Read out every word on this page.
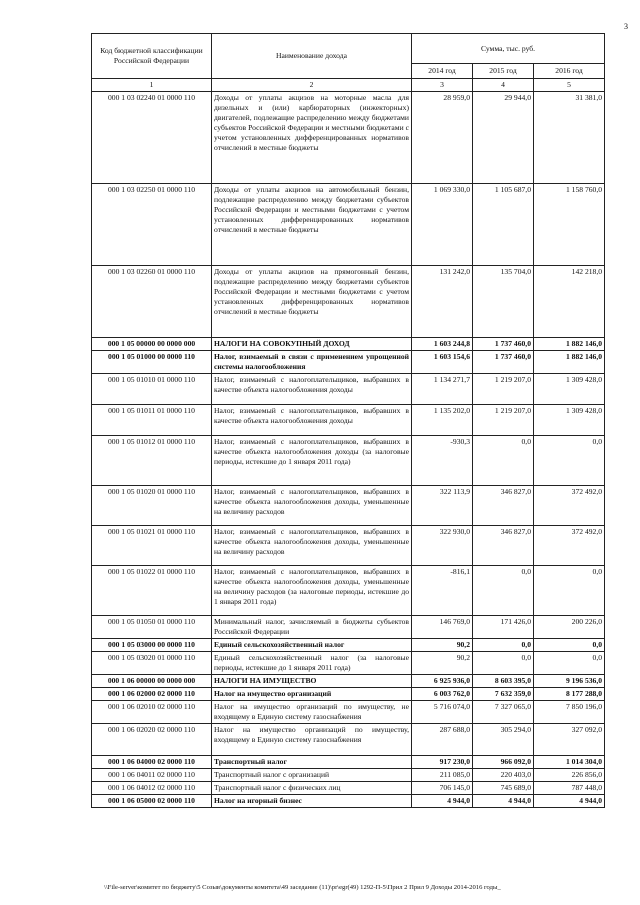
3
Код бюджетной классификации Российской Федерации	Наименование дохода	Сумма, тыс. руб.		
		2014 год	2015 год	2016 год
1	2	3	4	5
000 1 03 02240 01 0000 110	Доходы от уплаты акцизов на моторные масла для дизельных и (или) карбюраторных (инжекторных) двигателей, подлежащие распределению между бюджетами субъектов Российской Федерации и местными бюджетами с учетом установленных дифференцированных нормативов отчислений в местные бюджеты	28 959,0	29 944,0	31 381,0
000 1 03 02250 01 0000 110	Доходы от уплаты акцизов на автомобильный бензин, подлежащие распределению между бюджетами субъектов Российской Федерации и местными бюджетами с учетом установленных дифференцированных нормативов отчислений в местные бюджеты	1 069 330,0	1 105 687,0	1 158 760,0
000 1 03 02260 01 0000 110	Доходы от уплаты акцизов на прямогонный бензин, подлежащие распределению между бюджетами субъектов Российской Федерации и местными бюджетами с учетом установленных дифференцированных нормативов отчислений в местные бюджеты	131 242,0	135 704,0	142 218,0
000 1 05 00000 00 0000 000	НАЛОГИ НА СОВОКУПНЫЙ ДОХОД	1 603 244,8	1 737 460,0	1 882 146,0
000 1 05 01000 00 0000 110	Налог, взимаемый в связи с применением упрощенной системы налогообложения	1 603 154,6	1 737 460,0	1 882 146,0
000 1 05 01010 01 0000 110	Налог, взимаемый с налогоплательщиков, выбравших в качестве объекта налогообложения доходы	1 134 271,7	1 219 207,0	1 309 428,0
000 1 05 01011 01 0000 110	Налог, взимаемый с налогоплательщиков, выбравших в качестве объекта налогообложения доходы	1 135 202,0	1 219 207,0	1 309 428,0
000 1 05 01012 01 0000 110	Налог, взимаемый с налогоплательщиков, выбравших в качестве объекта налогообложения доходы (за налоговые периоды, истекшие до 1 января 2011 года)	-930,3	0,0	0,0
000 1 05 01020 01 0000 110	Налог, взимаемый с налогоплательщиков, выбравших в качестве объекта налогообложения доходы, уменьшенные на величину расходов	322 113,9	346 827,0	372 492,0
000 1 05 01021 01 0000 110	Налог, взимаемый с налогоплательщиков, выбравших в качестве объекта налогообложения доходы, уменьшенные на величину расходов	322 930,0	346 827,0	372 492,0
000 1 05 01022 01 0000 110	Налог, взимаемый с налогоплательщиков, выбравших в качестве объекта налогообложения доходы, уменьшенные на величину расходов (за налоговые периоды, истекшие до 1 января 2011 года)	-816,1	0,0	0,0
000 1 05 01050 01 0000 110	Минимальный налог, зачисляемый в бюджеты субъектов Российской Федерации	146 769,0	171 426,0	200 226,0
000 1 05 03000 00 0000 110	Единый сельскохозяйственный налог	90,2	0,0	0,0
000 1 05 03020 01 0000 110	Единый сельскохозяйственный налог (за налоговые периоды, истекшие до 1 января 2011 года)	90,2	0,0	0,0
000 1 06 00000 00 0000 000	НАЛОГИ НА ИМУЩЕСТВО	6 925 936,0	8 603 395,0	9 196 536,0
000 1 06 02000 02 0000 110	Налог на имущество организаций	6 003 762,0	7 632 359,0	8 177 288,0
000 1 06 02010 02 0000 110	Налог на имущество организаций по имуществу, не входящему в Единую систему газоснабжения	5 716 074,0	7 327 065,0	7 850 196,0
000 1 06 02020 02 0000 110	Налог на имущество организаций по имуществу, входящему в Единую систему газоснабжения	287 688,0	305 294,0	327 092,0
000 1 06 04000 02 0000 110	Транспортный налог	917 230,0	966 092,0	1 014 304,0
000 1 06 04011 02 0000 110	Транспортный налог с организаций	211 085,0	220 403,0	226 856,0
000 1 06 04012 02 0000 110	Транспортный налог с физических лиц	706 145,0	745 689,0	787 448,0
000 1 06 05000 02 0000 110	Налог на игорный бизнес	4 944,0	4 944,0	4 944,0
\\File-server\комитет по бюджету\5 Созыв\документы комитета\49 заседание (11)\pr\egr(49) 1292-П-5\Прил 2 Прил 9 Доходы 2014-2016 годы_
